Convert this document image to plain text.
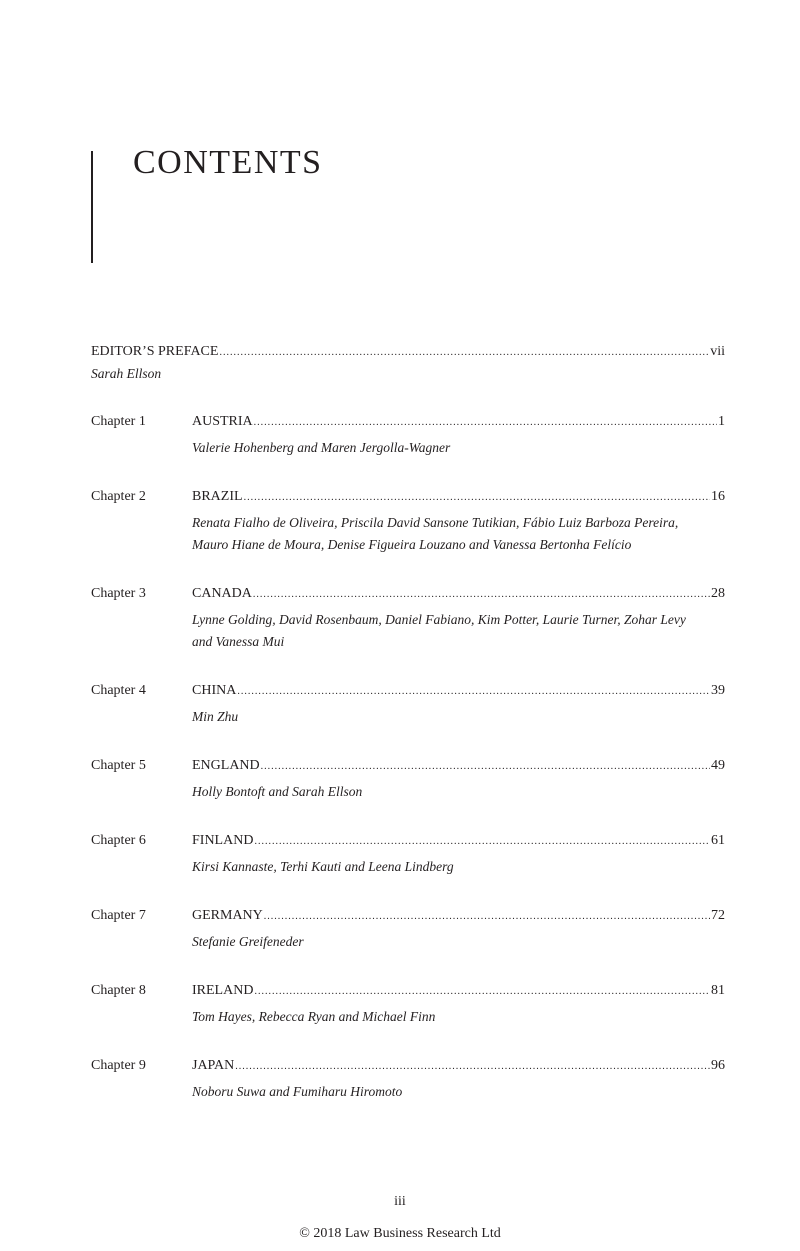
CONTENTS
EDITOR’S PREFACE .....	vii
Sarah Ellson
Chapter 1	AUSTRIA .....	1
Valerie Hohenberg and Maren Jergolla-Wagner
Chapter 2	BRAZIL .....	16
Renata Fialho de Oliveira, Priscila David Sansone Tutikian, Fábio Luiz Barboza Pereira,
Mauro Hiane de Moura, Denise Figueira Louzano and Vanessa Bertonha Felício
Chapter 3	CANADA .....	28
Lynne Golding, David Rosenbaum, Daniel Fabiano, Kim Potter, Laurie Turner, Zohar Levy
and Vanessa Mui
Chapter 4	CHINA .....	39
Min Zhu
Chapter 5	ENGLAND .....	49
Holly Bontoft and Sarah Ellson
Chapter 6	FINLAND .....	61
Kirsi Kannaste, Terhi Kauti and Leena Lindberg
Chapter 7	GERMANY .....	72
Stefanie Greifeneder
Chapter 8	IRELAND .....	81
Tom Hayes, Rebecca Ryan and Michael Finn
Chapter 9	JAPAN .....	96
Noboru Suwa and Fumiharu Hiromoto
iii
© 2018 Law Business Research Ltd
